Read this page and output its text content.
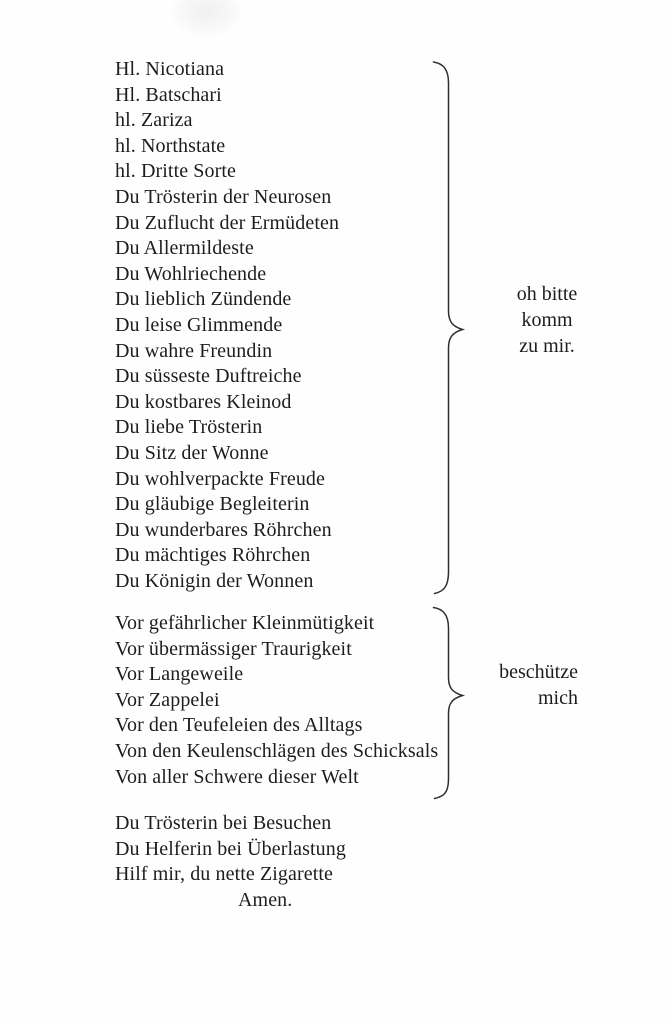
Hl. Nicotiana
Hl. Batschari
hl. Zariza
hl. Northstate
hl. Dritte Sorte
Du Trösterin der Neurosen
Du Zuflucht der Ermüdeten
Du Allermildeste
Du Wohlriechende
Du lieblich Zündende
Du leise Glimmende
Du wahre Freundin
Du süsseste Duftreiche
Du kostbares Kleinod
Du liebe Trösterin
Du Sitz der Wonne
Du wohlverpackte Freude
Du gläubige Begleiterin
Du wunderbares Röhrchen
Du mächtiges Röhrchen
Du Königin der Wonnen
Vor gefährlicher Kleinmütigkeit
Vor übermässiger Traurigkeit
Vor Langeweile
Vor Zappelei
Vor den Teufeleien des Alltags
Von den Keulenschlägen des Schicksals
Von aller Schwere dieser Welt
Du Trösterin bei Besuchen
Du Helferin bei Überlastung
Hilf mir, du nette Zigarette
Amen.
oh bitte
komm
zu mir.
beschütze
mich
